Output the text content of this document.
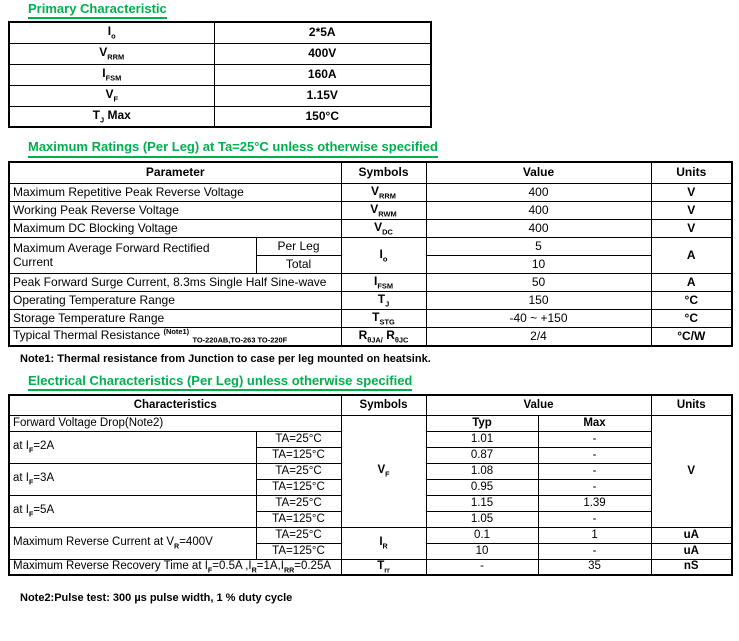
Primary Characteristic
$I_o$	2*5A
$V_{RRM}$	400V
$I_{FSM}$	160A
$V_F$	1.15V
$T_J$ Max	150°C
Maximum Ratings (Per Leg) at Ta=25°C unless otherwise specified
Parameter		Symbols	Value	Units
Maximum Repetitive Peak Reverse Voltage		$V_{RRM}$	400	V
Working Peak Reverse Voltage		$V_{RWM}$	400	V
Maximum DC Blocking Voltage		$V_{DC}$	400	V
Maximum Average Forward Rectified Current	Per Leg	$I_o$	5	A
	Total		10	
Peak Forward Surge Current, 8.3ms Single Half Sine-wave		$I_{FSM}$	50	A
Operating Temperature Range		$T_J$	150	°C
Storage Temperature Range		$T_{STG}$	-40 ~ +150	°C
Typical Thermal Resistance $^{(Note1)}$ $_{TO-220AB,TO-263 TO-220F}$		$R_{\theta JA/}$ $R_{\theta JC}$	2/4	°C/W
Note1: Thermal resistance from Junction to case per leg mounted on heatsink.
Electrical Characteristics (Per Leg) unless otherwise specified
Characteristics		Symbols	Value		Units
Forward Voltage Drop(Note2)		$V_F$	Typ	Max	V
at $I_F=2A$	TA=25°C		1.01	-	
	TA=125°C		0.87	-	
at $I_F=3A$	TA=25°C		1.08	-	
	TA=125°C		0.95	-	
at $I_F=5A$	TA=25°C		1.15	1.39	
	TA=125°C		1.05	-	
Maximum Reverse Current at $V_R=400V$	TA=25°C	$I_R$	0.1	1	uA
	TA=125°C		10	-	uA
Maximum Reverse Recovery Time at $I_F=0.5A$ $,I_R=1A,I_{RR}=0.25A$		$T_{rr}$	-	35	nS
Note2:Pulse test: 300 µs pulse width, 1 % duty cycle
